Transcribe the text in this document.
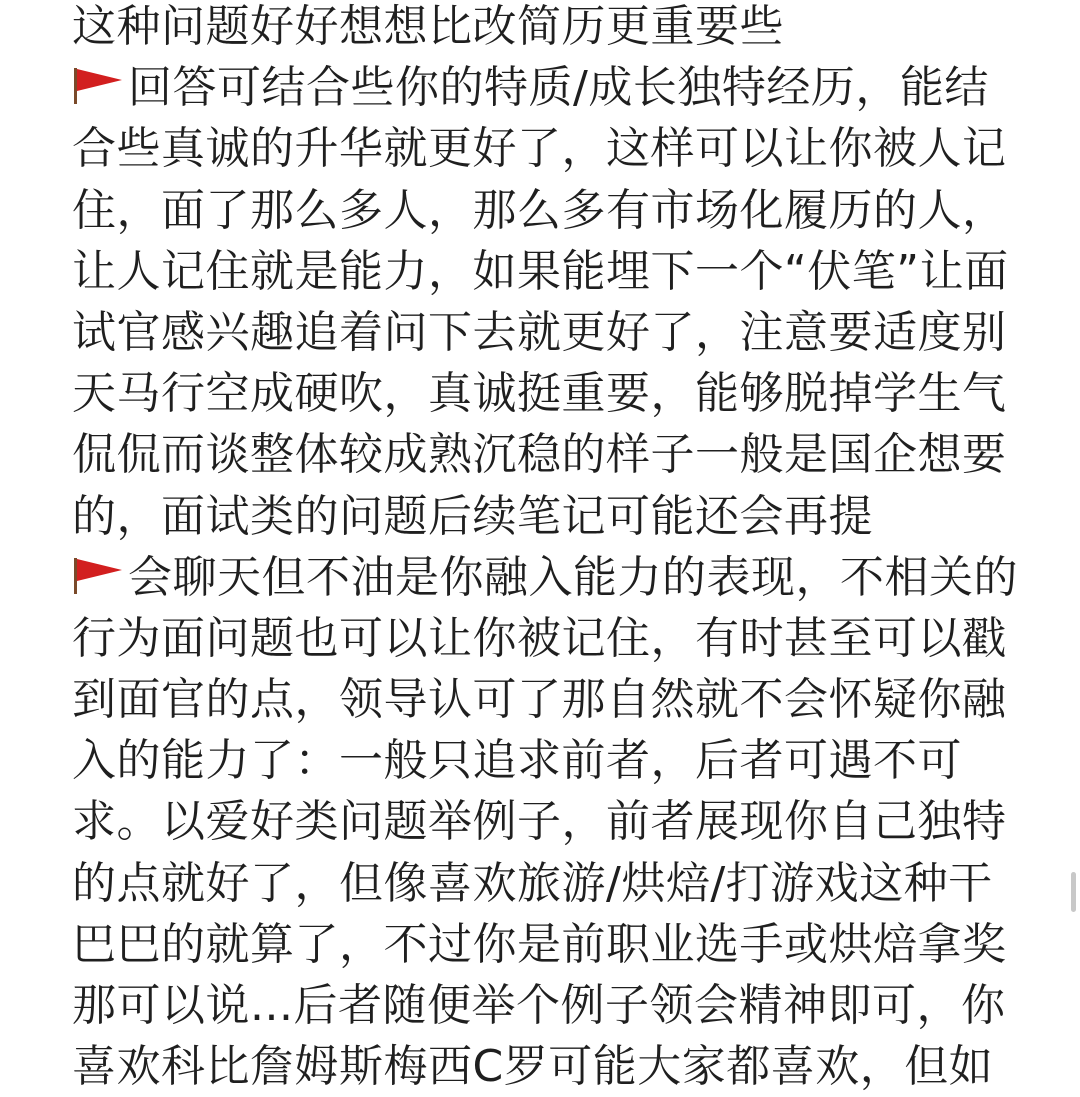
这种问题好好想想比改简历更重要些
回答可结合些你的特质/成长独特经历，能结
合些真诚的升华就更好了，这样可以让你被人记
住，面了那么多人，那么多有市场化履历的人，
让人记住就是能力，如果能埋下一个“伏笔”让面
试官感兴趣追着问下去就更好了，注意要适度别
天马行空成硬吹，真诚挺重要，能够脱掉学生气
侃侃而谈整体较成熟沉稳的样子一般是国企想要
的，面试类的问题后续笔记可能还会再提
会聊天但不油是你融入能力的表现，不相关的
行为面问题也可以让你被记住，有时甚至可以戳
到面官的点，领导认可了那自然就不会怀疑你融
入的能力了：一般只追求前者，后者可遇不可
求。以爱好类问题举例子，前者展现你自己独特
的点就好了，但像喜欢旅游/烘焙/打游戏这种干
巴巴的就算了，不过你是前职业选手或烘焙拿奖
那可以说...后者随便举个例子领会精神即可，你
喜欢科比詹姆斯梅西C罗可能大家都喜欢，但如
